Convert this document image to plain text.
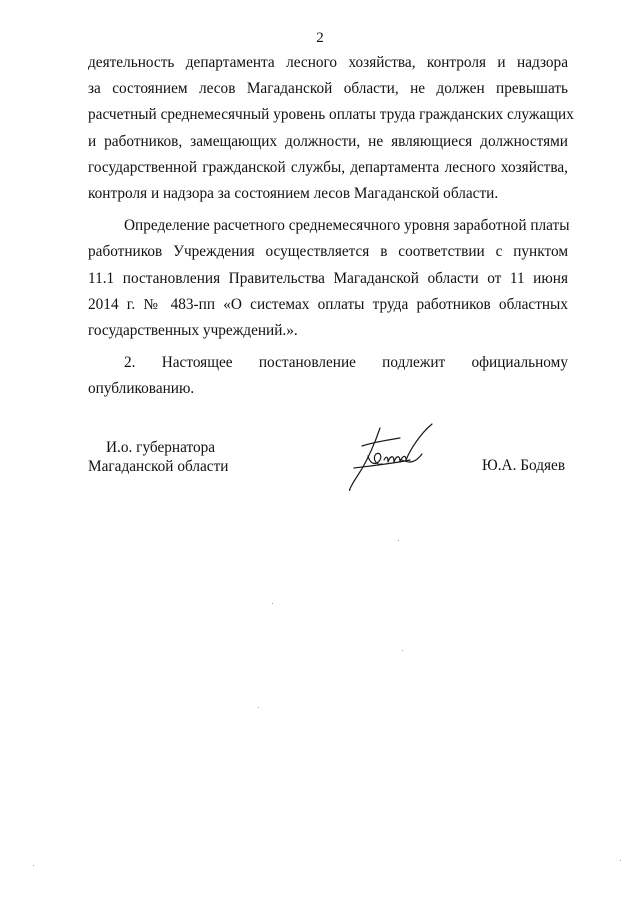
2
деятельность департамента лесного хозяйства, контроля и надзора
за состоянием лесов Магаданской области, не должен превышать
расчетный среднемесячный уровень оплаты труда гражданских служащих
и работников, замещающих должности, не являющиеся должностями
государственной гражданской службы, департамента лесного хозяйства,
контроля и надзора за состоянием лесов Магаданской области.
Определение расчетного среднемесячного уровня заработной платы
работников Учреждения осуществляется в соответствии с пунктом
11.1 постановления Правительства Магаданской области от 11 июня
2014 г. № 483-пп «О системах оплаты труда работников областных
государственных учреждений.».
2. Настоящее постановление подлежит официальному
опубликованию.
И.о. губернатора
Магаданской области	Ю.А. Бодяев
